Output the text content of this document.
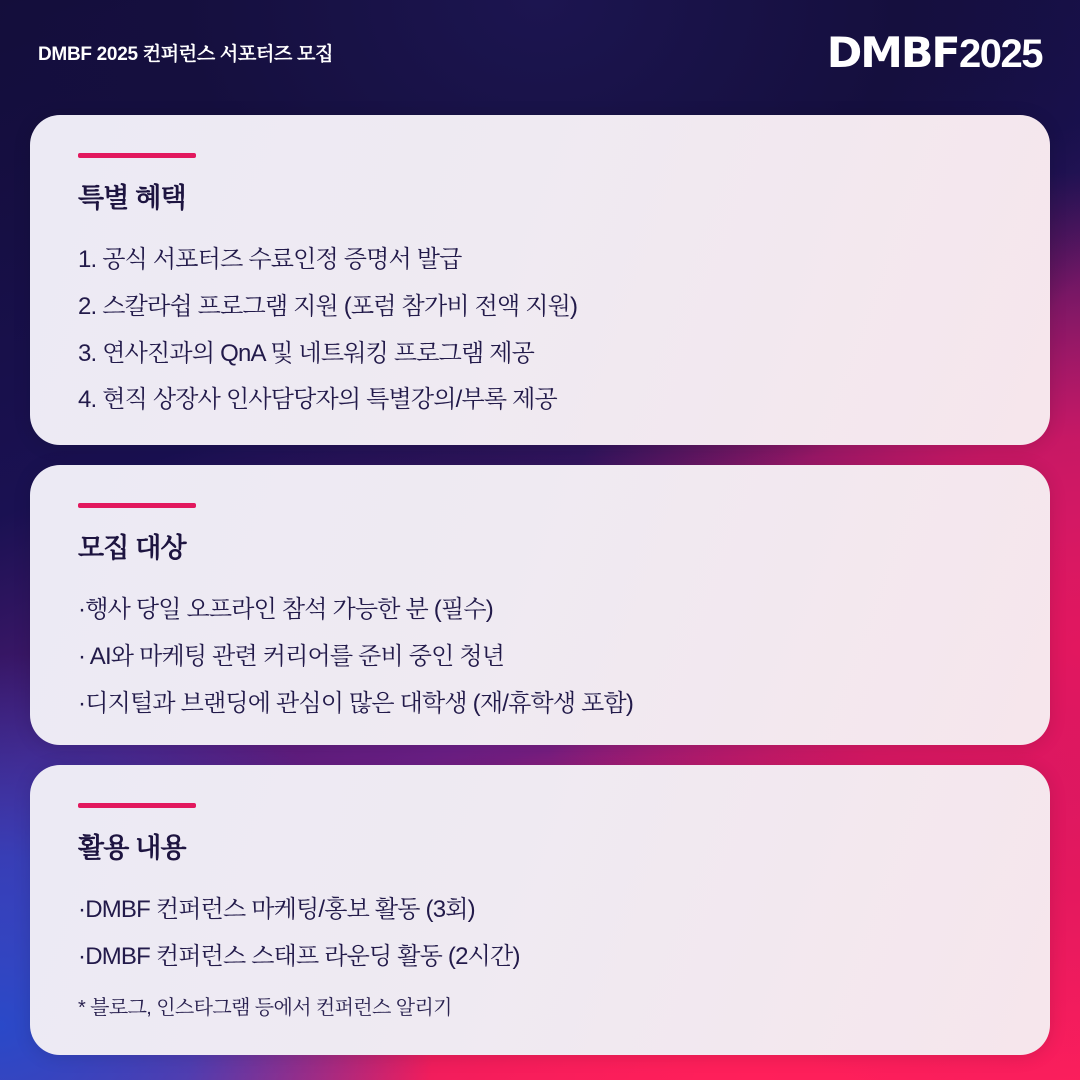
DMBF 2025 컨퍼런스 서포터즈 모집	DMBF 2025
특별 혜택
1. 공식 서포터즈 수료인정 증명서 발급
2. 스칼라쉽 프로그램 지원 (포럼 참가비 전액 지원)
3. 연사진과의 QnA 및 네트워킹 프로그램 제공
4. 현직 상장사 인사담당자의 특별강의/부록 제공
모집 대상
·행사 당일 오프라인 참석 가능한 분 (필수)
· AI와 마케팅 관련 커리어를 준비 중인 청년
·디지털과 브랜딩에 관심이 많은 대학생 (재/휴학생 포함)
활용 내용
·DMBF 컨퍼런스 마케팅/홍보 활동 (3회)
·DMBF 컨퍼런스 스태프 라운딩 활동 (2시간)
* 블로그, 인스타그램 등에서 컨퍼런스 알리기
